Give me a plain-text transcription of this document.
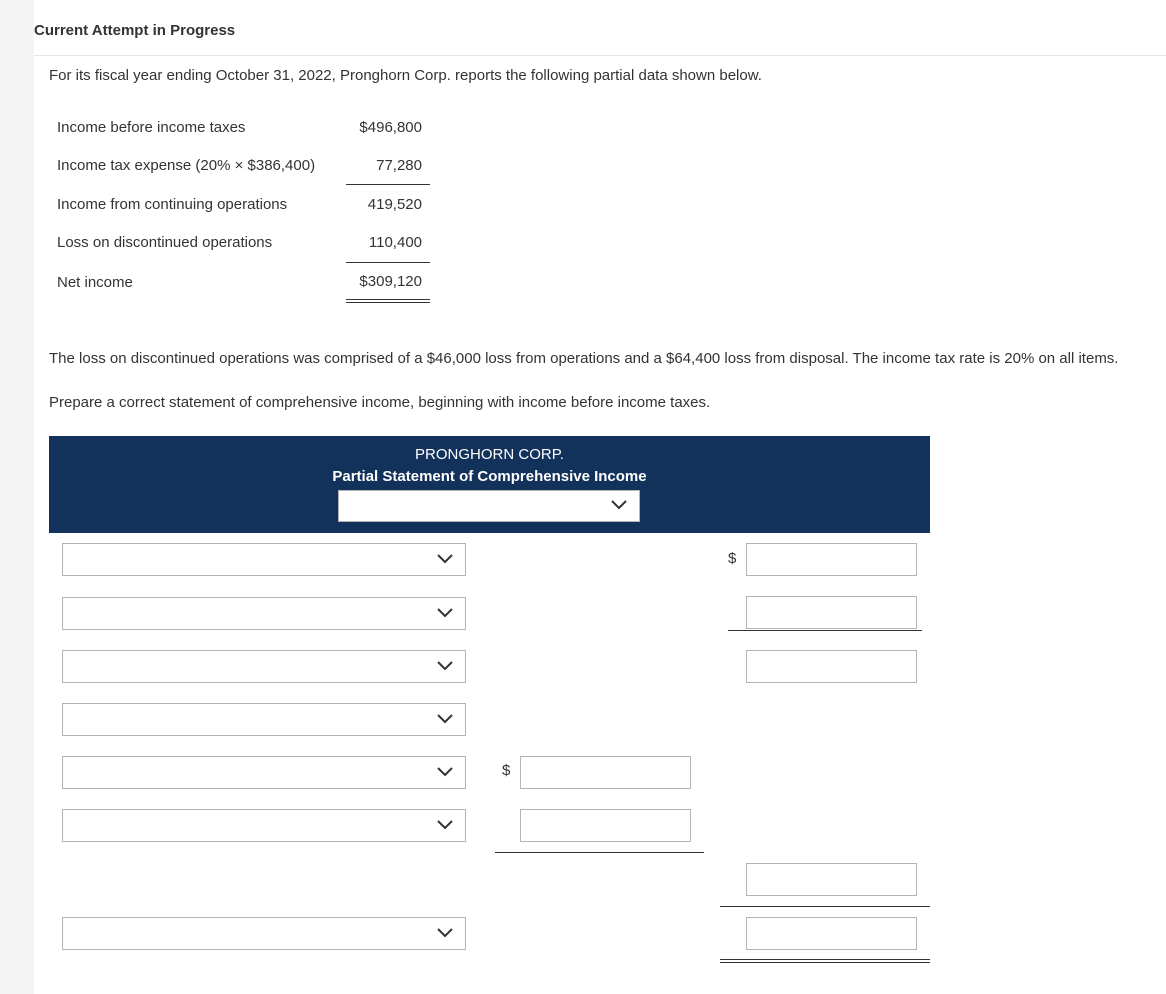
Current Attempt in Progress
For its fiscal year ending October 31, 2022, Pronghorn Corp. reports the following partial data shown below.
Income before income taxes	$496,800
Income tax expense (20% × $386,400)	77,280
Income from continuing operations	419,520
Loss on discontinued operations	110,400
Net income	$309,120
The loss on discontinued operations was comprised of a $46,000 loss from operations and a $64,400 loss from disposal. The income tax rate is 20% on all items.
Prepare a correct statement of comprehensive income, beginning with income before income taxes.
PRONGHORN CORP.
Partial Statement of Comprehensive Income
$
$
